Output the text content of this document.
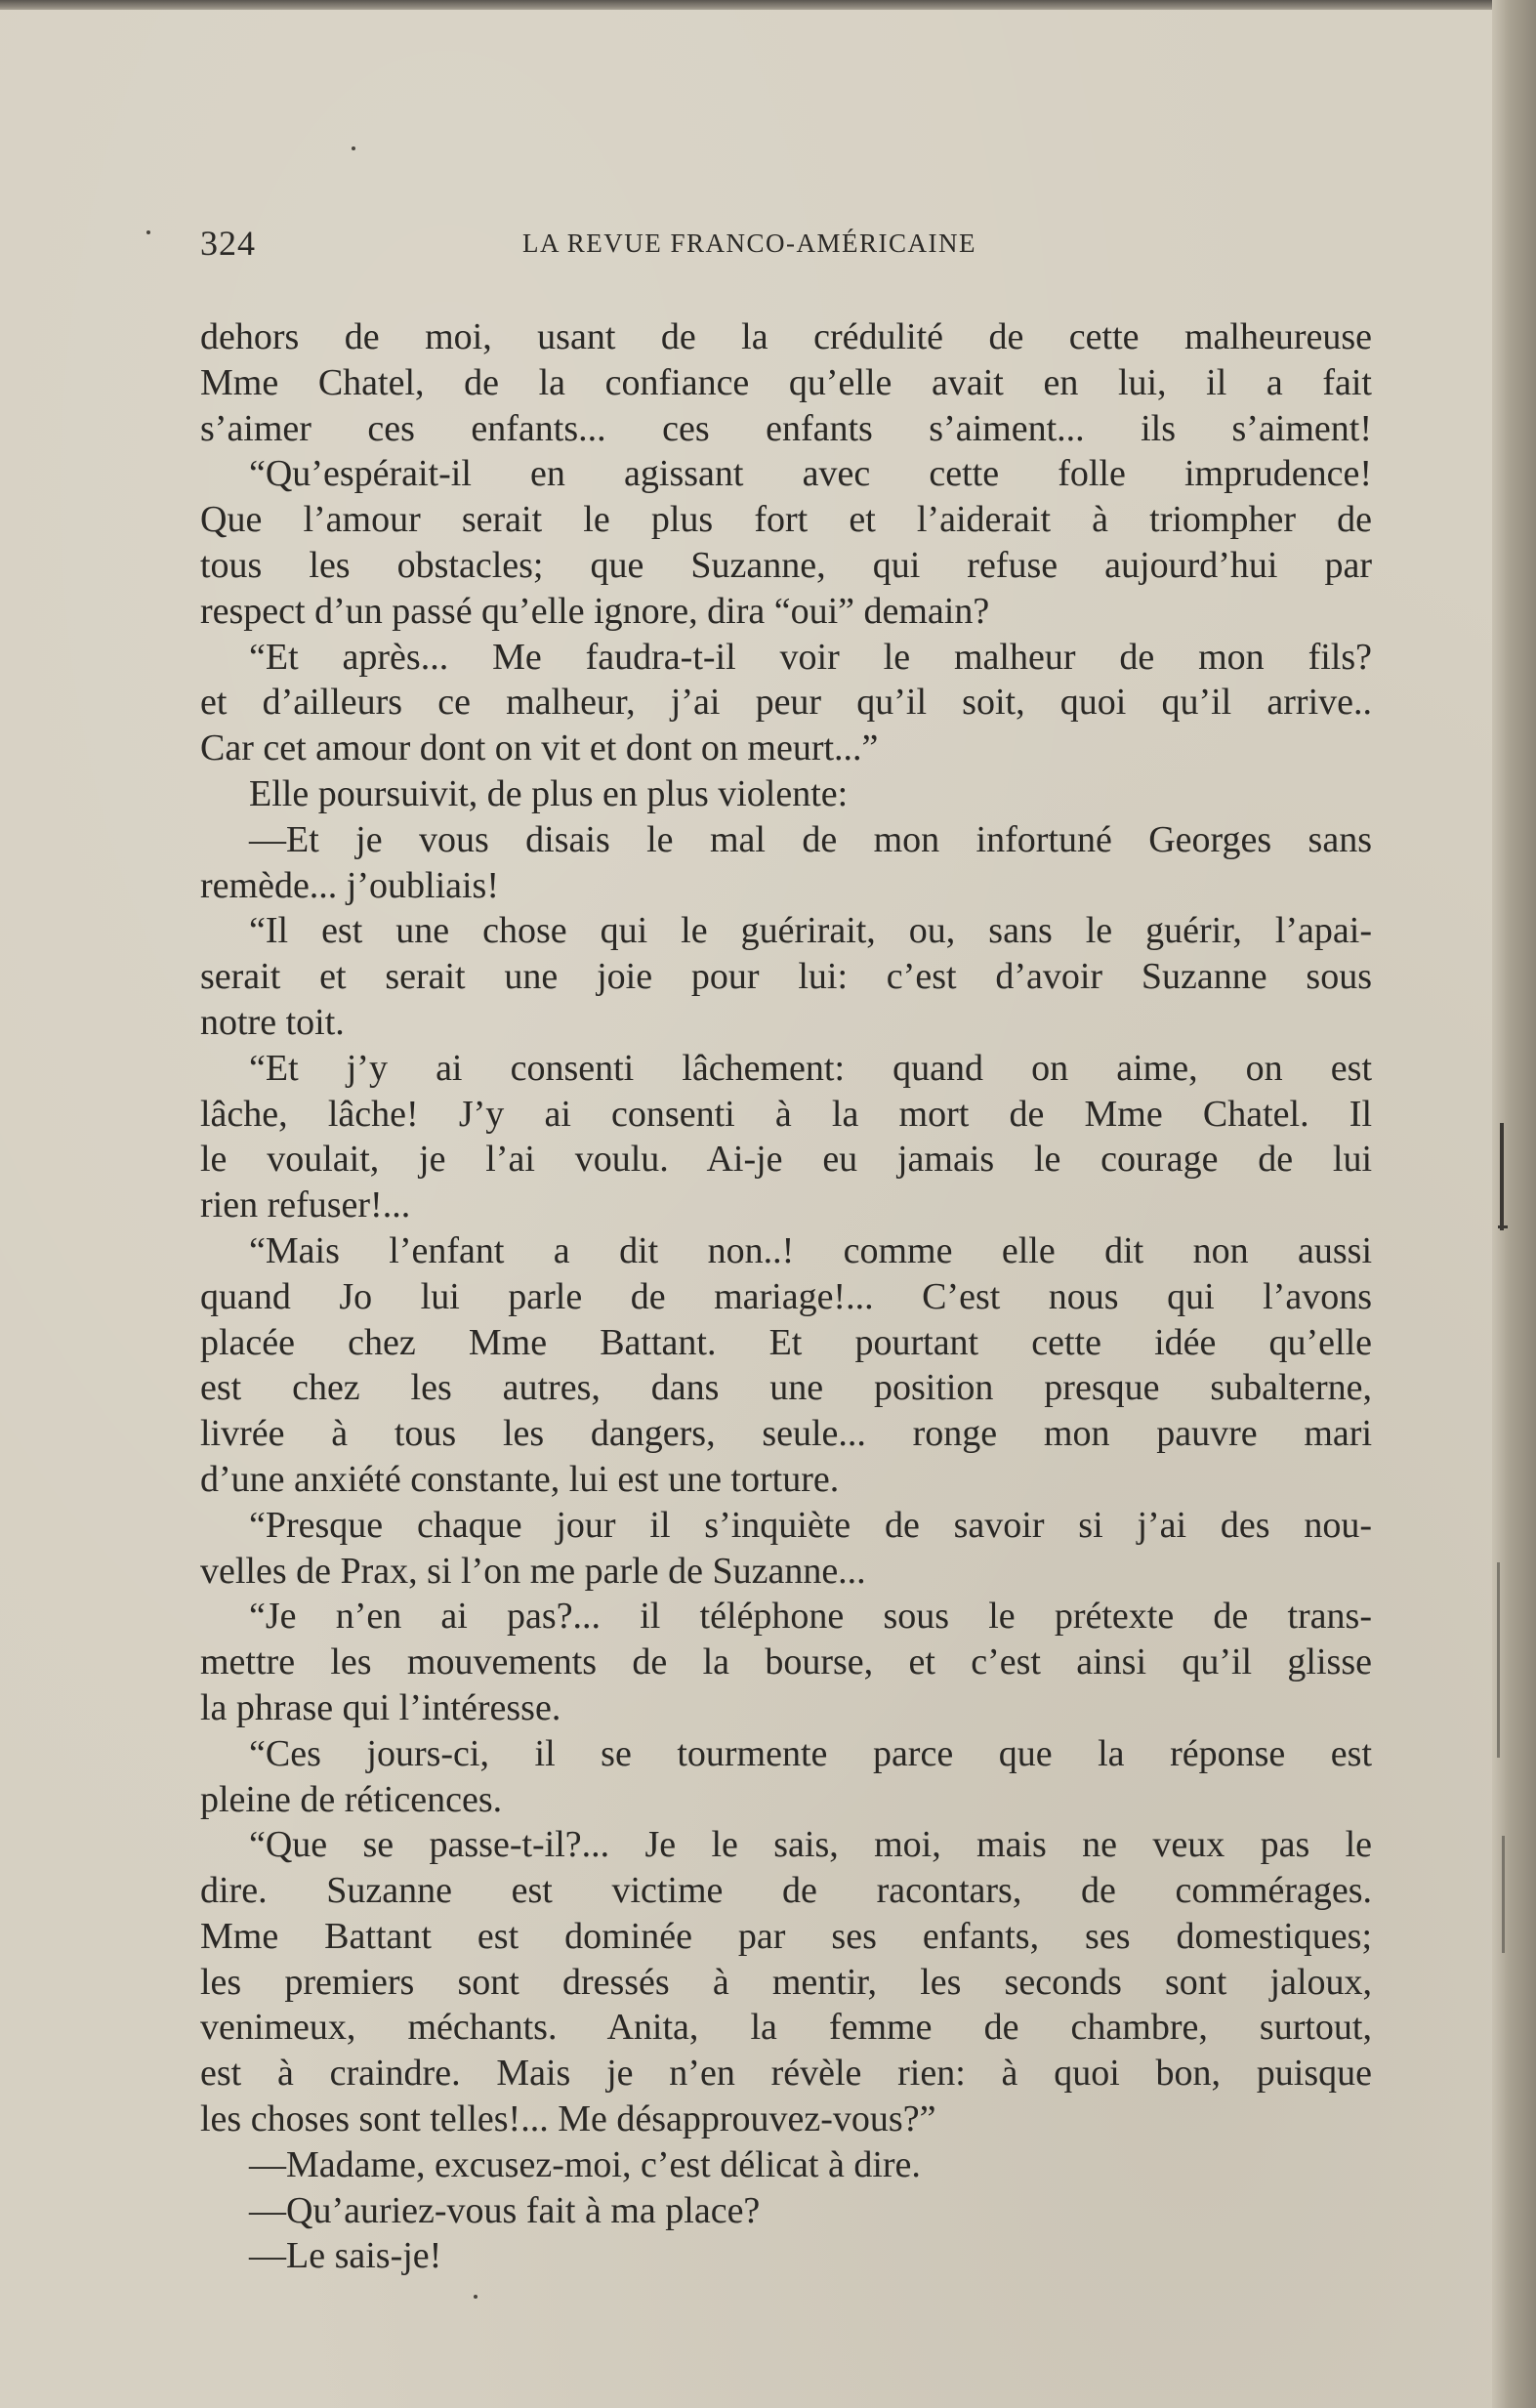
324	LA REVUE FRANCO-AMÉRICAINE
dehors de moi, usant de la crédulité de cette malheureuse
Mme Chatel, de la confiance qu’elle avait en lui, il a fait
s’aimer ces enfants... ces enfants s’aiment... ils s’aiment!
“Qu’espérait-il en agissant avec cette folle imprudence!
Que l’amour serait le plus fort et l’aiderait à triompher de
tous les obstacles; que Suzanne, qui refuse aujourd’hui par
respect d’un passé qu’elle ignore, dira “oui” demain?
“Et après... Me faudra-t-il voir le malheur de mon fils?
et d’ailleurs ce malheur, j’ai peur qu’il soit, quoi qu’il arrive..
Car cet amour dont on vit et dont on meurt...”
Elle poursuivit, de plus en plus violente:
—Et je vous disais le mal de mon infortuné Georges sans
remède... j’oubliais!
“Il est une chose qui le guérirait, ou, sans le guérir, l’apai-
serait et serait une joie pour lui: c’est d’avoir Suzanne sous
notre toit.
“Et j’y ai consenti lâchement: quand on aime, on est
lâche, lâche! J’y ai consenti à la mort de Mme Chatel. Il
le voulait, je l’ai voulu. Ai-je eu jamais le courage de lui
rien refuser!...
“Mais l’enfant a dit non..! comme elle dit non aussi
quand Jo lui parle de mariage!... C’est nous qui l’avons
placée chez Mme Battant. Et pourtant cette idée qu’elle
est chez les autres, dans une position presque subalterne,
livrée à tous les dangers, seule... ronge mon pauvre mari
d’une anxiété constante, lui est une torture.
“Presque chaque jour il s’inquiète de savoir si j’ai des nou-
velles de Prax, si l’on me parle de Suzanne...
“Je n’en ai pas?... il téléphone sous le prétexte de trans-
mettre les mouvements de la bourse, et c’est ainsi qu’il glisse
la phrase qui l’intéresse.
“Ces jours-ci, il se tourmente parce que la réponse est
pleine de réticences.
“Que se passe-t-il?... Je le sais, moi, mais ne veux pas le
dire. Suzanne est victime de racontars, de commérages.
Mme Battant est dominée par ses enfants, ses domestiques;
les premiers sont dressés à mentir, les seconds sont jaloux,
venimeux, méchants. Anita, la femme de chambre, surtout,
est à craindre. Mais je n’en révèle rien: à quoi bon, puisque
les choses sont telles!... Me désapprouvez-vous?”
—Madame, excusez-moi, c’est délicat à dire.
—Qu’auriez-vous fait à ma place?
—Le sais-je!
